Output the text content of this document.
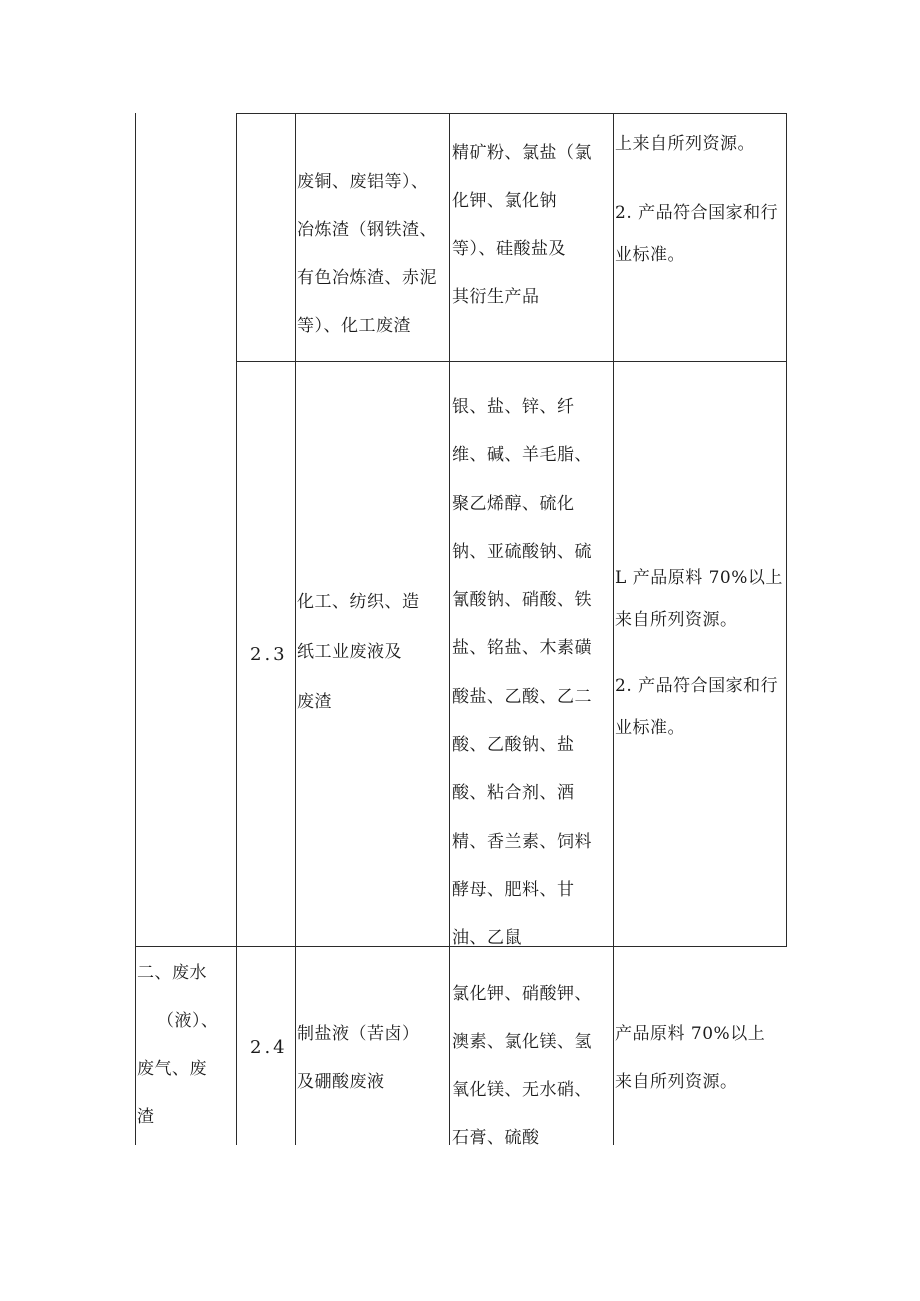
废铜、废铝等）、

冶炼渣（钢铁渣、

有色冶炼渣、赤泥

等）、化工废渣

精矿粉、氯盐（氯

化钾、氯化钠

等）、硅酸盐及

其衍生产品

上来自所列资源。

2. 产品符合国家和行

业标准。

2.3

化工、纺织、造

纸工业废液及

废渣

银、盐、锌、纤

维、碱、羊毛脂、

聚乙烯醇、硫化

钠、亚硫酸钠、硫

氰酸钠、硝酸、铁

盐、铭盐、木素磺

酸盐、乙酸、乙二

酸、乙酸钠、盐

酸、粘合剂、酒

精、香兰素、饲料

酵母、肥料、甘

油、乙鼠

L 产品原料 70%以上

来自所列资源。

2. 产品符合国家和行

业标准。

二、废水

（液）、

废气、废

渣

2.4

制盐液（苦卤）

及硼酸废液

氯化钾、硝酸钾、

澳素、氯化镁、氢

氧化镁、无水硝、

石膏、硫酸

产品原料 70%以上

来自所列资源。
